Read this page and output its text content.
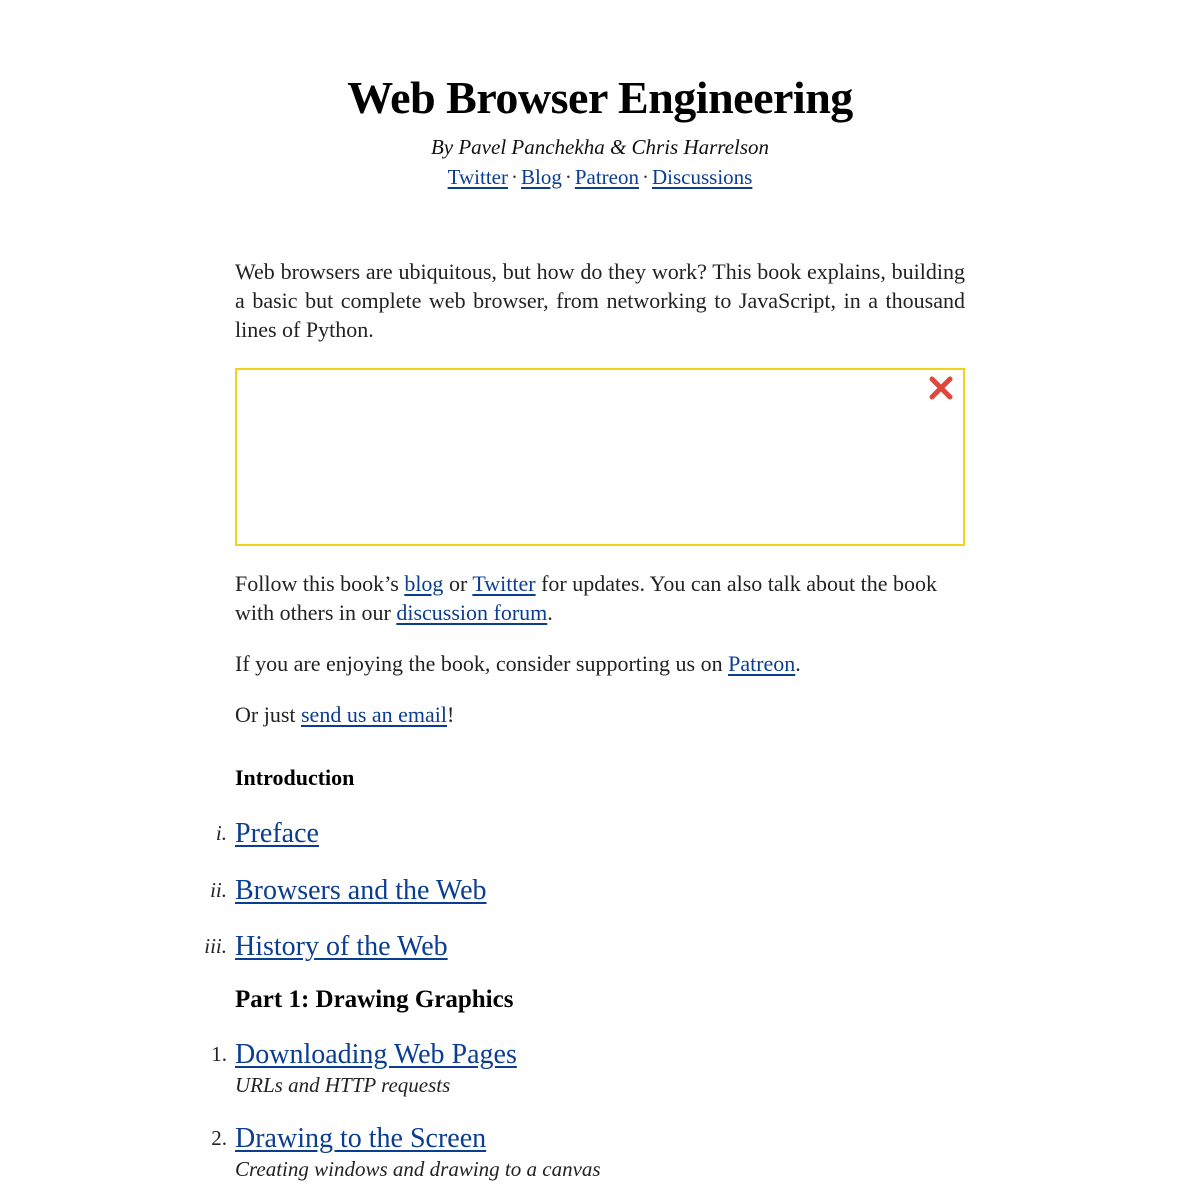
Web Browser Engineering
By Pavel Panchekha & Chris Harrelson
Twitter · Blog · Patreon · Discussions

Web browsers are ubiquitous, but how do they work? This book explains, building a basic but complete web browser, from networking to JavaScript, in a thousand lines of Python.

Follow this book’s blog or Twitter for updates. You can also talk about the book with others in our discussion forum.

If you are enjoying the book, consider supporting us on Patreon.

Or just send us an email!

Introduction
i. Preface
ii. Browsers and the Web
iii. History of the Web
Part 1: Drawing Graphics
1. Downloading Web Pages
URLs and HTTP requests
2. Drawing to the Screen
Creating windows and drawing to a canvas
